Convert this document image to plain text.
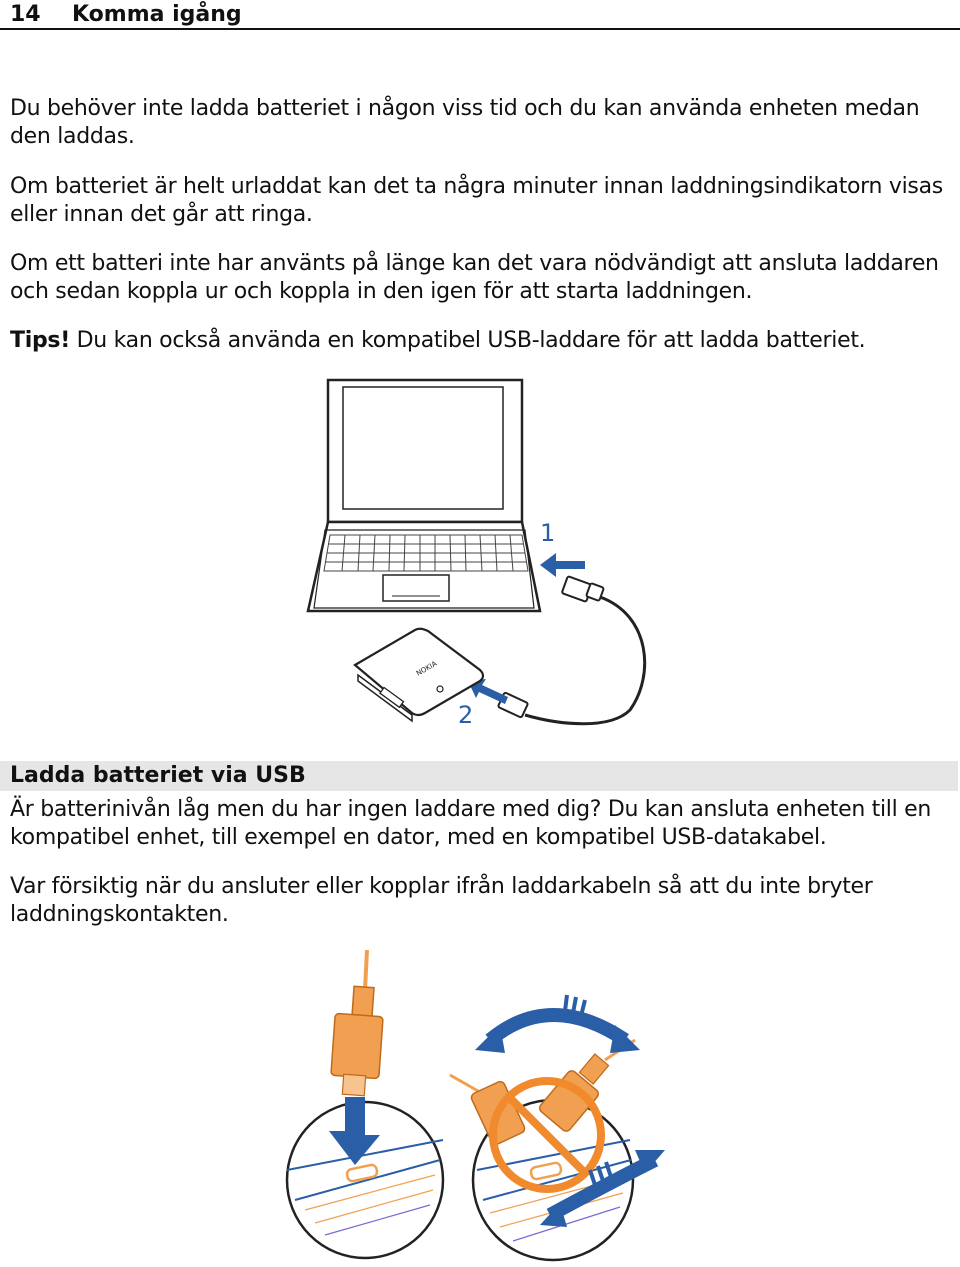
14 Komma igång

Du behöver inte ladda batteriet i någon viss tid och du kan använda enheten medan den laddas.

Om batteriet är helt urladdat kan det ta några minuter innan laddningsindikatorn visas eller innan det går att ringa.

Om ett batteri inte har använts på länge kan det vara nödvändigt att ansluta laddaren och sedan koppla ur och koppla in den igen för att starta laddningen.

Tips! Du kan också använda en kompatibel USB-laddare för att ladda batteriet.

1
2
NOKIA
Ladda batteriet via USB

Är batterinivån låg men du har ingen laddare med dig? Du kan ansluta enheten till en kompatibel enhet, till exempel en dator, med en kompatibel USB-datakabel.

Var försiktig när du ansluter eller kopplar ifrån laddarkabeln så att du inte bryter laddningskontakten.
